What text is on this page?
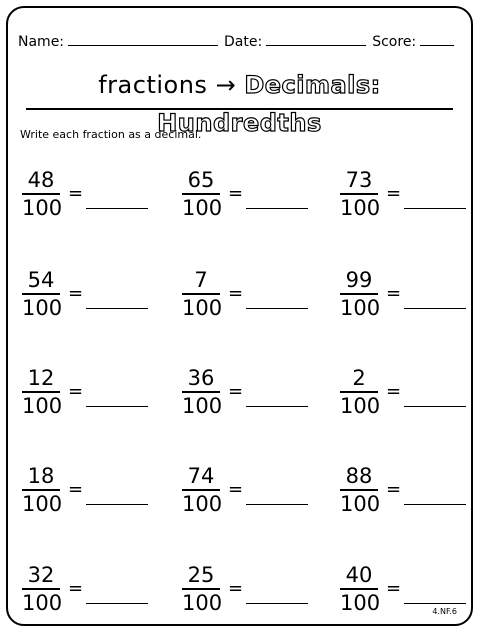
Name:	Date:	Score:
fractions → Decimals: Hundredths
Write each fraction as a decimal.
$\frac{48}{100}$ =	$\frac{65}{100}$ =	$\frac{73}{100}$ =
$\frac{54}{100}$ =	$\frac{7}{100}$ =	$\frac{99}{100}$ =
$\frac{12}{100}$ =	$\frac{36}{100}$ =	$\frac{2}{100}$ =
$\frac{18}{100}$ =	$\frac{74}{100}$ =	$\frac{88}{100}$ =
$\frac{32}{100}$ =	$\frac{25}{100}$ =	$\frac{40}{100}$ =
4.NF.6
